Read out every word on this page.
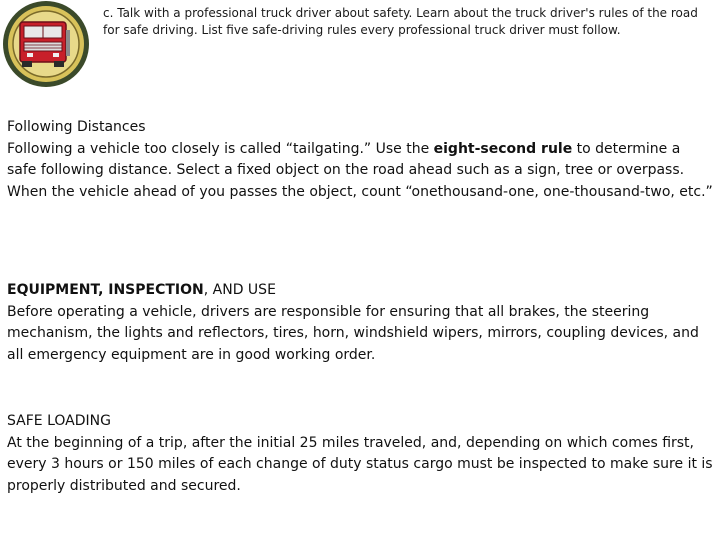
c. Talk with a professional truck driver about safety. Learn about the truck driver's rules of the road for safe driving. List five safe-driving rules every professional truck driver must follow.
Following Distances
Following a vehicle too closely is called “tailgating.” Use the eight-second rule to determine a safe following distance. Select a fixed object on the road ahead such as a sign, tree or overpass. When the vehicle ahead of you passes the object, count “onethousand-one, one-thousand-two, etc.”
EQUIPMENT, INSPECTION, AND USE
Before operating a vehicle, drivers are responsible for ensuring that all brakes, the steering mechanism, the lights and reflectors, tires, horn, windshield wipers, mirrors, coupling devices, and all emergency equipment are in good working order.
SAFE LOADING
At the beginning of a trip, after the initial 25 miles traveled, and, depending on which comes first, every 3 hours or 150 miles of each change of duty status cargo must be inspected to make sure it is properly distributed and secured.
